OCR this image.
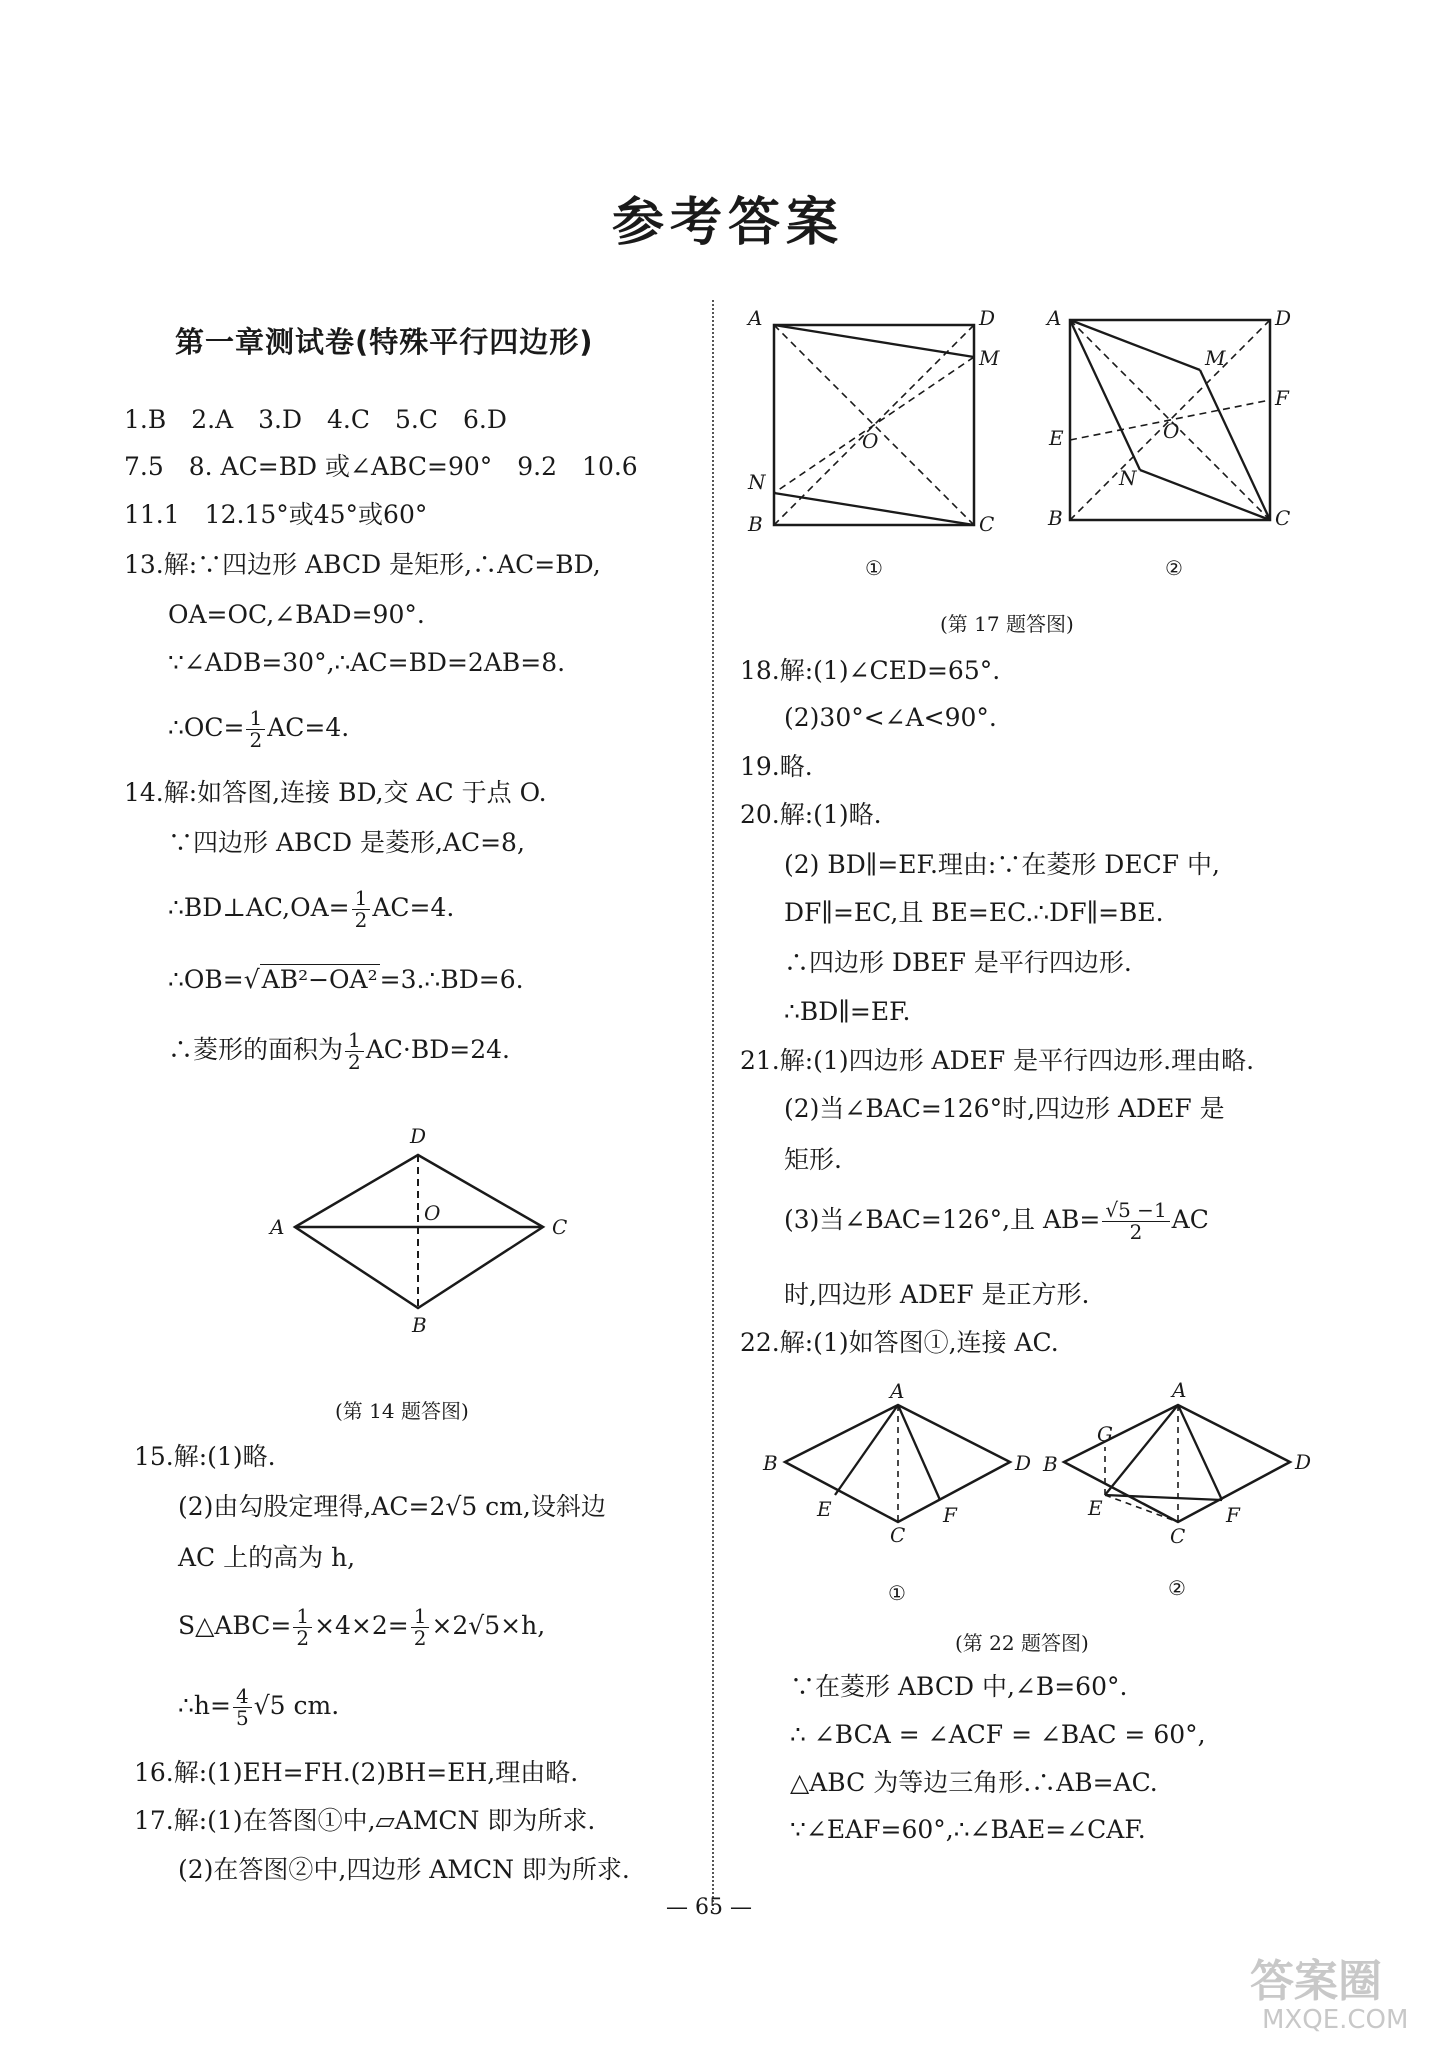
参考答案
第一章测试卷(特殊平行四边形)
1.B　2.A　3.D　4.C　5.C　6.D
7.5　8. AC=BD 或∠ABC=90°　9.2　10.6
11.1　12.15°或45°或60°
13.解:∵四边形 ABCD 是矩形,∴AC=BD,
OA=OC,∠BAD=90°.
∵∠ADB=30°,∴AC=BD=2AB=8.
∴OC= $\frac{1}{2} AC=4$.
14.解:如答图,连接 BD,交 AC 于点 O.
∵四边形 ABCD 是菱形,AC=8,
∴BD⊥AC,OA= $\frac{1}{2} AC=4$.
∴OB=√AB²−OA²=3.∴BD=6.
∴菱形的面积为 $\frac{1}{2} AC\cdot BD=24$.
D
A
O
C
B
(第 14 题答图)
15.解:(1)略.
(2)由勾股定理得,AC=2√5 cm,设斜边
AC 上的高为 h,
S△ABC= $\frac{1}{2} \times 4\times 2= \frac{1}{2} \times 2√5\times h$,
∴h= $\frac{4}{5} √5$ cm.
16.解:(1)EH=FH.(2)BH=EH,理由略.
17.解:(1)在答图①中,▱AMCN 即为所求.
(2)在答图②中,四边形 AMCN 即为所求.
A	D
M
O
N
B	C
①
A	D
M
F
E	O
N
B	C
②
(第 17 题答图)
18.解:(1)∠CED=65°.
(2)30°<∠A<90°.
19.略.
20.解:(1)略.
(2) BD∥=EF.理由:∵在菱形 DECF 中,
DF∥=EC,且 BE=EC.∴DF∥=BE.
∴四边形 DBEF 是平行四边形.
∴BD∥=EF.
21.解:(1)四边形 ADEF 是平行四边形.理由略.
(2)当∠BAC=126°时,四边形 ADEF 是
矩形.
(3)当∠BAC=126°,且 $AB= \frac{√5 -1}{2}$ AC
时,四边形 ADEF 是正方形.
22.解:(1)如答图①,连接 AC.
A
B	D
E	F
C
①
A
G
B	D
E	F
C
②
(第 22 题答图)
∵在菱形 ABCD 中,∠B=60°.
∴ ∠BCA = ∠ACF = ∠BAC = 60°,
△ABC 为等边三角形.∴AB=AC.
∵∠EAF=60°,∴∠BAE=∠CAF.
— 65 —
答案圈
MXQE.COM
